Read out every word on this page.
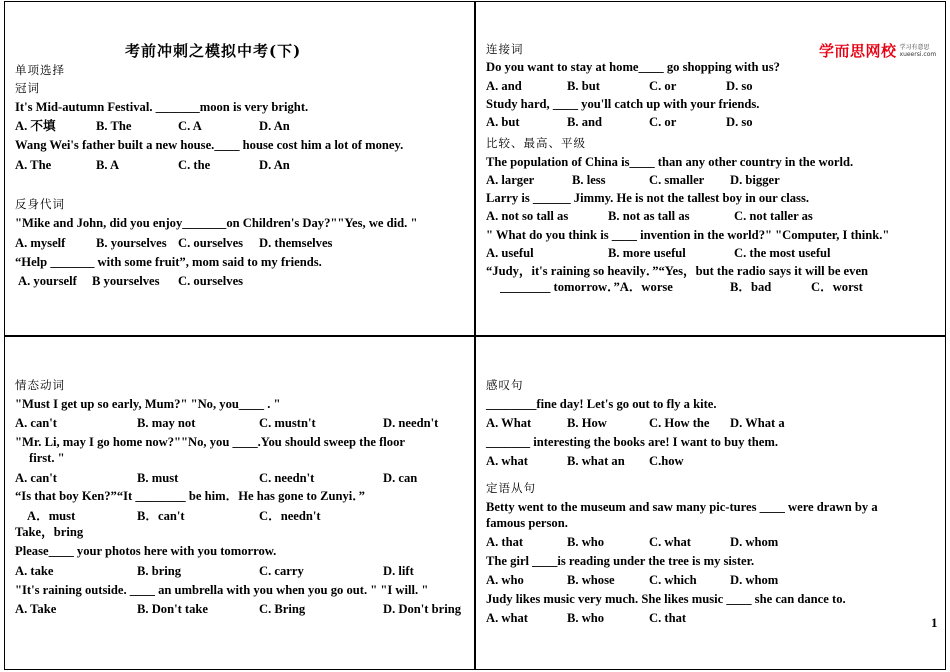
考前冲刺之模拟中考(下)
单项选择
冠词
It's Mid-autumn Festival. _______moon is very bright.
A. 不填	B. The	C. A	D. An
Wang Wei's father built a new house.____ house cost him a lot of money.
A. The	B. A	C. the	D. An
反身代词
"Mike and John, did you enjoy_______on Children's Day?""Yes, we did. "
A. myself B. yourselves C. ourselves D. themselves
“Help _______ with some fruit”, mom said to my friends.
A. yourself B yourselves C. ourselves
学而思网校 学习有意思
xueersi.com
连接词
Do you want to stay at home____ go shopping with us?
A. and	B. but	C. or	D. so
Study hard, ____ you'll catch up with your friends.
A. but	B. and	C. or	D. so
比较、最高、平级
The population of China is____ than any other country in the world.
A. larger	B. less	C. smaller D. bigger
Larry is ______ Jimmy. He is not the tallest boy in our class.
A. not so tall as	B. not as tall as	C. not taller as
" What do you think is ____ invention in the world?" "Computer, I think."
A. useful	B. more useful	C. the most useful
“Judy，it's raining so heavily．”“Yes，but the radio says it will be even
________ tomorrow．”A．worse	B．bad	C．worst
情态动词
"Must I get up so early, Mum?" "No, you____ . "
A. can't	B. may not	C. mustn't	D. needn't
"Mr. Li, may I go home now?""No, you ____.You should sweep the floor
first. "
A. can't	B. must	C. needn't	D. can
“Is that boy Ken?”“It ________ be him．He has gone to Zunyi．”
A．must	B．can't	C．needn't
Take，bring
Please____ your photos here with you tomorrow.
A. take	B. bring	C. carry	D. lift
"It's raining outside. ____ an umbrella with you when you go out. " "I will. "
A. Take	B. Don't take	C. Bring	D. Don't bring
感叹句
________fine day! Let's go out to fly a kite.
A. What	B. How	C. How the D. What a
_______ interesting the books are! I want to buy them.
A. what	B. what an C.how
定语从句
Betty went to the museum and saw many pic-tures ____ were drawn by a
famous person.
A. that	B. who	C. what	D. whom
The girl ____is reading under the tree is my sister.
A. who	B. whose	C. which	D. whom
Judy likes music very much. She likes music ____ she can dance to.
A. what	B. who	C. that	1
